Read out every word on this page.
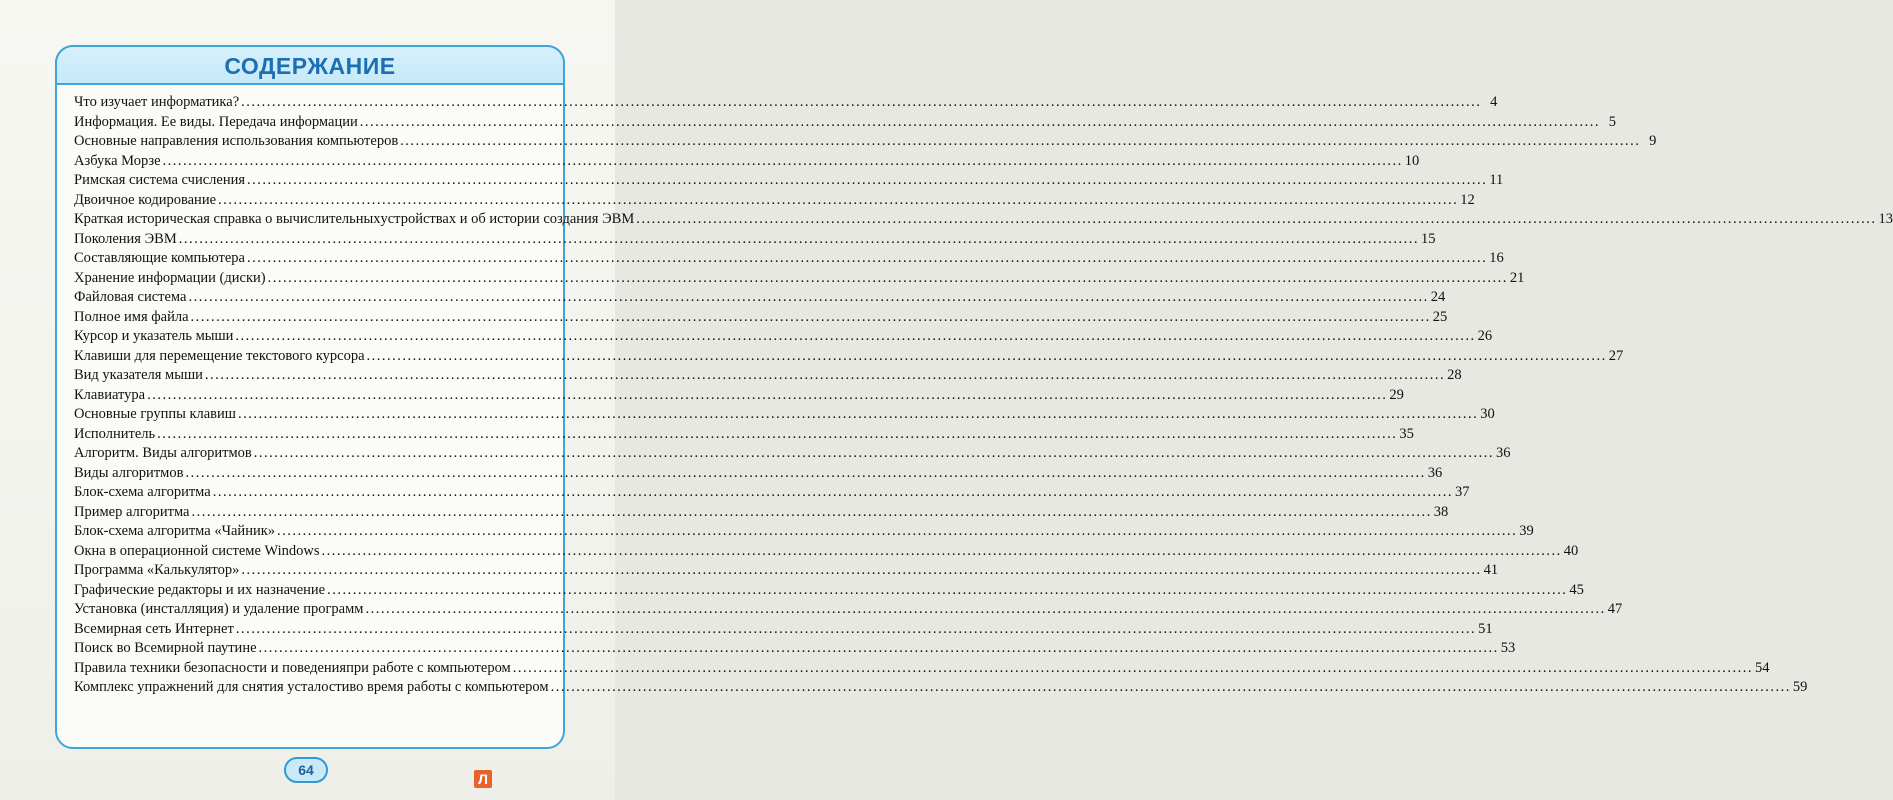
СОДЕРЖАНИЕ
Что изучает информатика? .....	4
Информация. Ее виды. Передача информации .....	5
Основные направления использования компьютеров .....	9
Азбука Морзе .....	10
Римская система счисления .....	11
Двоичное кодирование .....	12
Краткая историческая справка о вычислительных устройствах и об истории создания ЭВМ .....	13
Поколения ЭВМ .....	15
Составляющие компьютера .....	16
Хранение информации (диски) .....	21
Файловая система .....	24
Полное имя файла .....	25
Курсор и указатель мыши .....	26
Клавиши для перемещение текстового курсора .....	27
Вид указателя мыши .....	28
Клавиатура .....	29
Основные группы клавиш .....	30
Исполнитель .....	35
Алгоритм. Виды алгоритмов .....	36
Виды алгоритмов .....	36
Блок-схема алгоритма .....	37
Пример алгоритма .....	38
Блок-схема алгоритма «Чайник» .....	39
Окна в операционной системе Windows .....	40
Программа «Калькулятор» .....	41
Графические редакторы и их назначение .....	45
Установка (инсталляция) и удаление программ .....	47
Всемирная сеть Интернет .....	51
Поиск во Всемирной паутине .....	53
Правила техники безопасности и поведения при работе с компьютером .....	54
Комплекс упражнений для снятия усталости во время работы с компьютером .....	59
64
Л
